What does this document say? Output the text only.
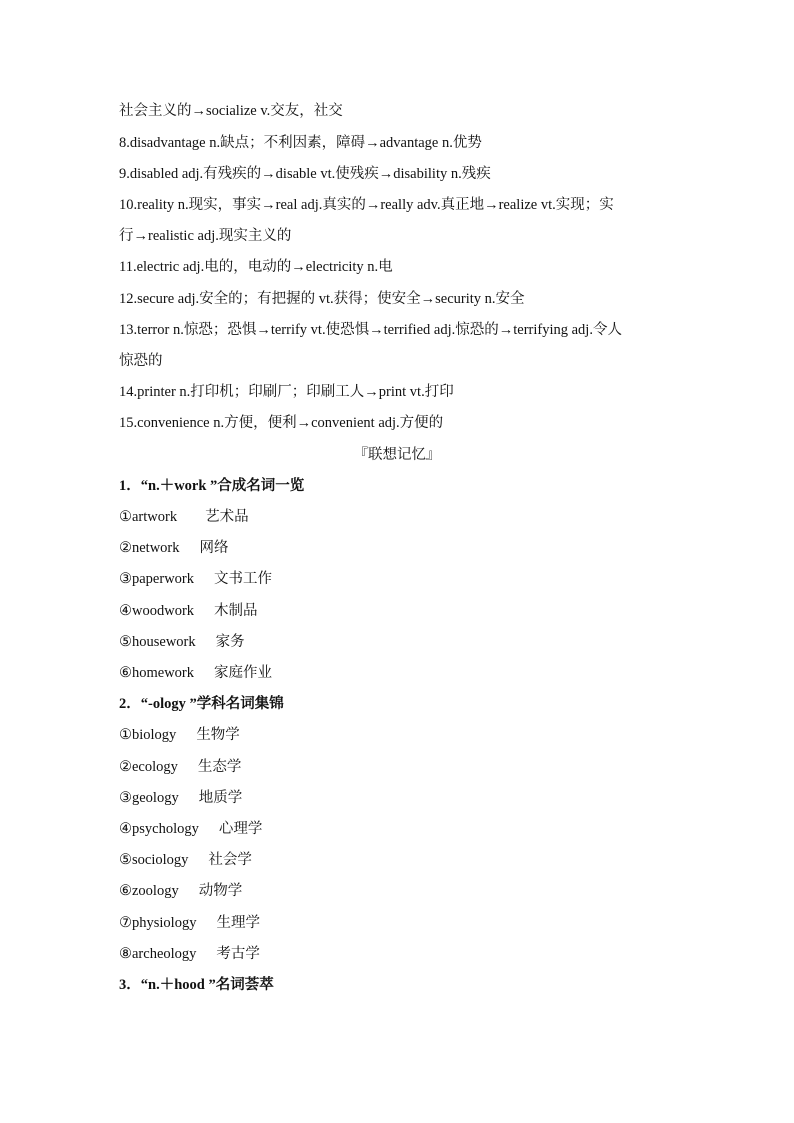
社会主义的→socialize v.交友，社交
8.disadvantage n.缺点；不利因素，障碍→advantage n.优势
9.disabled adj.有残疾的→disable vt.使残疾→disability n.残疾
10.reality n.现实，事实→real adj.真实的→really adv.真正地→realize vt.实现；实
行→realistic adj.现实主义的
11.electric adj.电的，电动的→electricity n.电
12.secure adj.安全的；有把握的 vt.获得；使安全→security n.安全
13.terror n.惊恐；恐惧→terrify vt.使恐惧→terrified adj.惊恐的→terrifying adj.令人
惊恐的
14.printer n.打印机；印刷厂；印刷工人→print vt.打印
15.convenience n.方便，便利→convenient adj.方便的
『联想记忆』
1．“n.＋work ”合成名词一览
①artwork 艺术品
②network 网络
③paperwork 文书工作
④woodwork 木制品
⑤housework 家务
⑥homework 家庭作业
2．“-ology ”学科名词集锦
①biology 生物学
②ecology 生态学
③geology 地质学
④psychology 心理学
⑤sociology 社会学
⑥zoology 动物学
⑦physiology 生理学
⑧archeology 考古学
3．“n.＋hood ”名词荟萃
